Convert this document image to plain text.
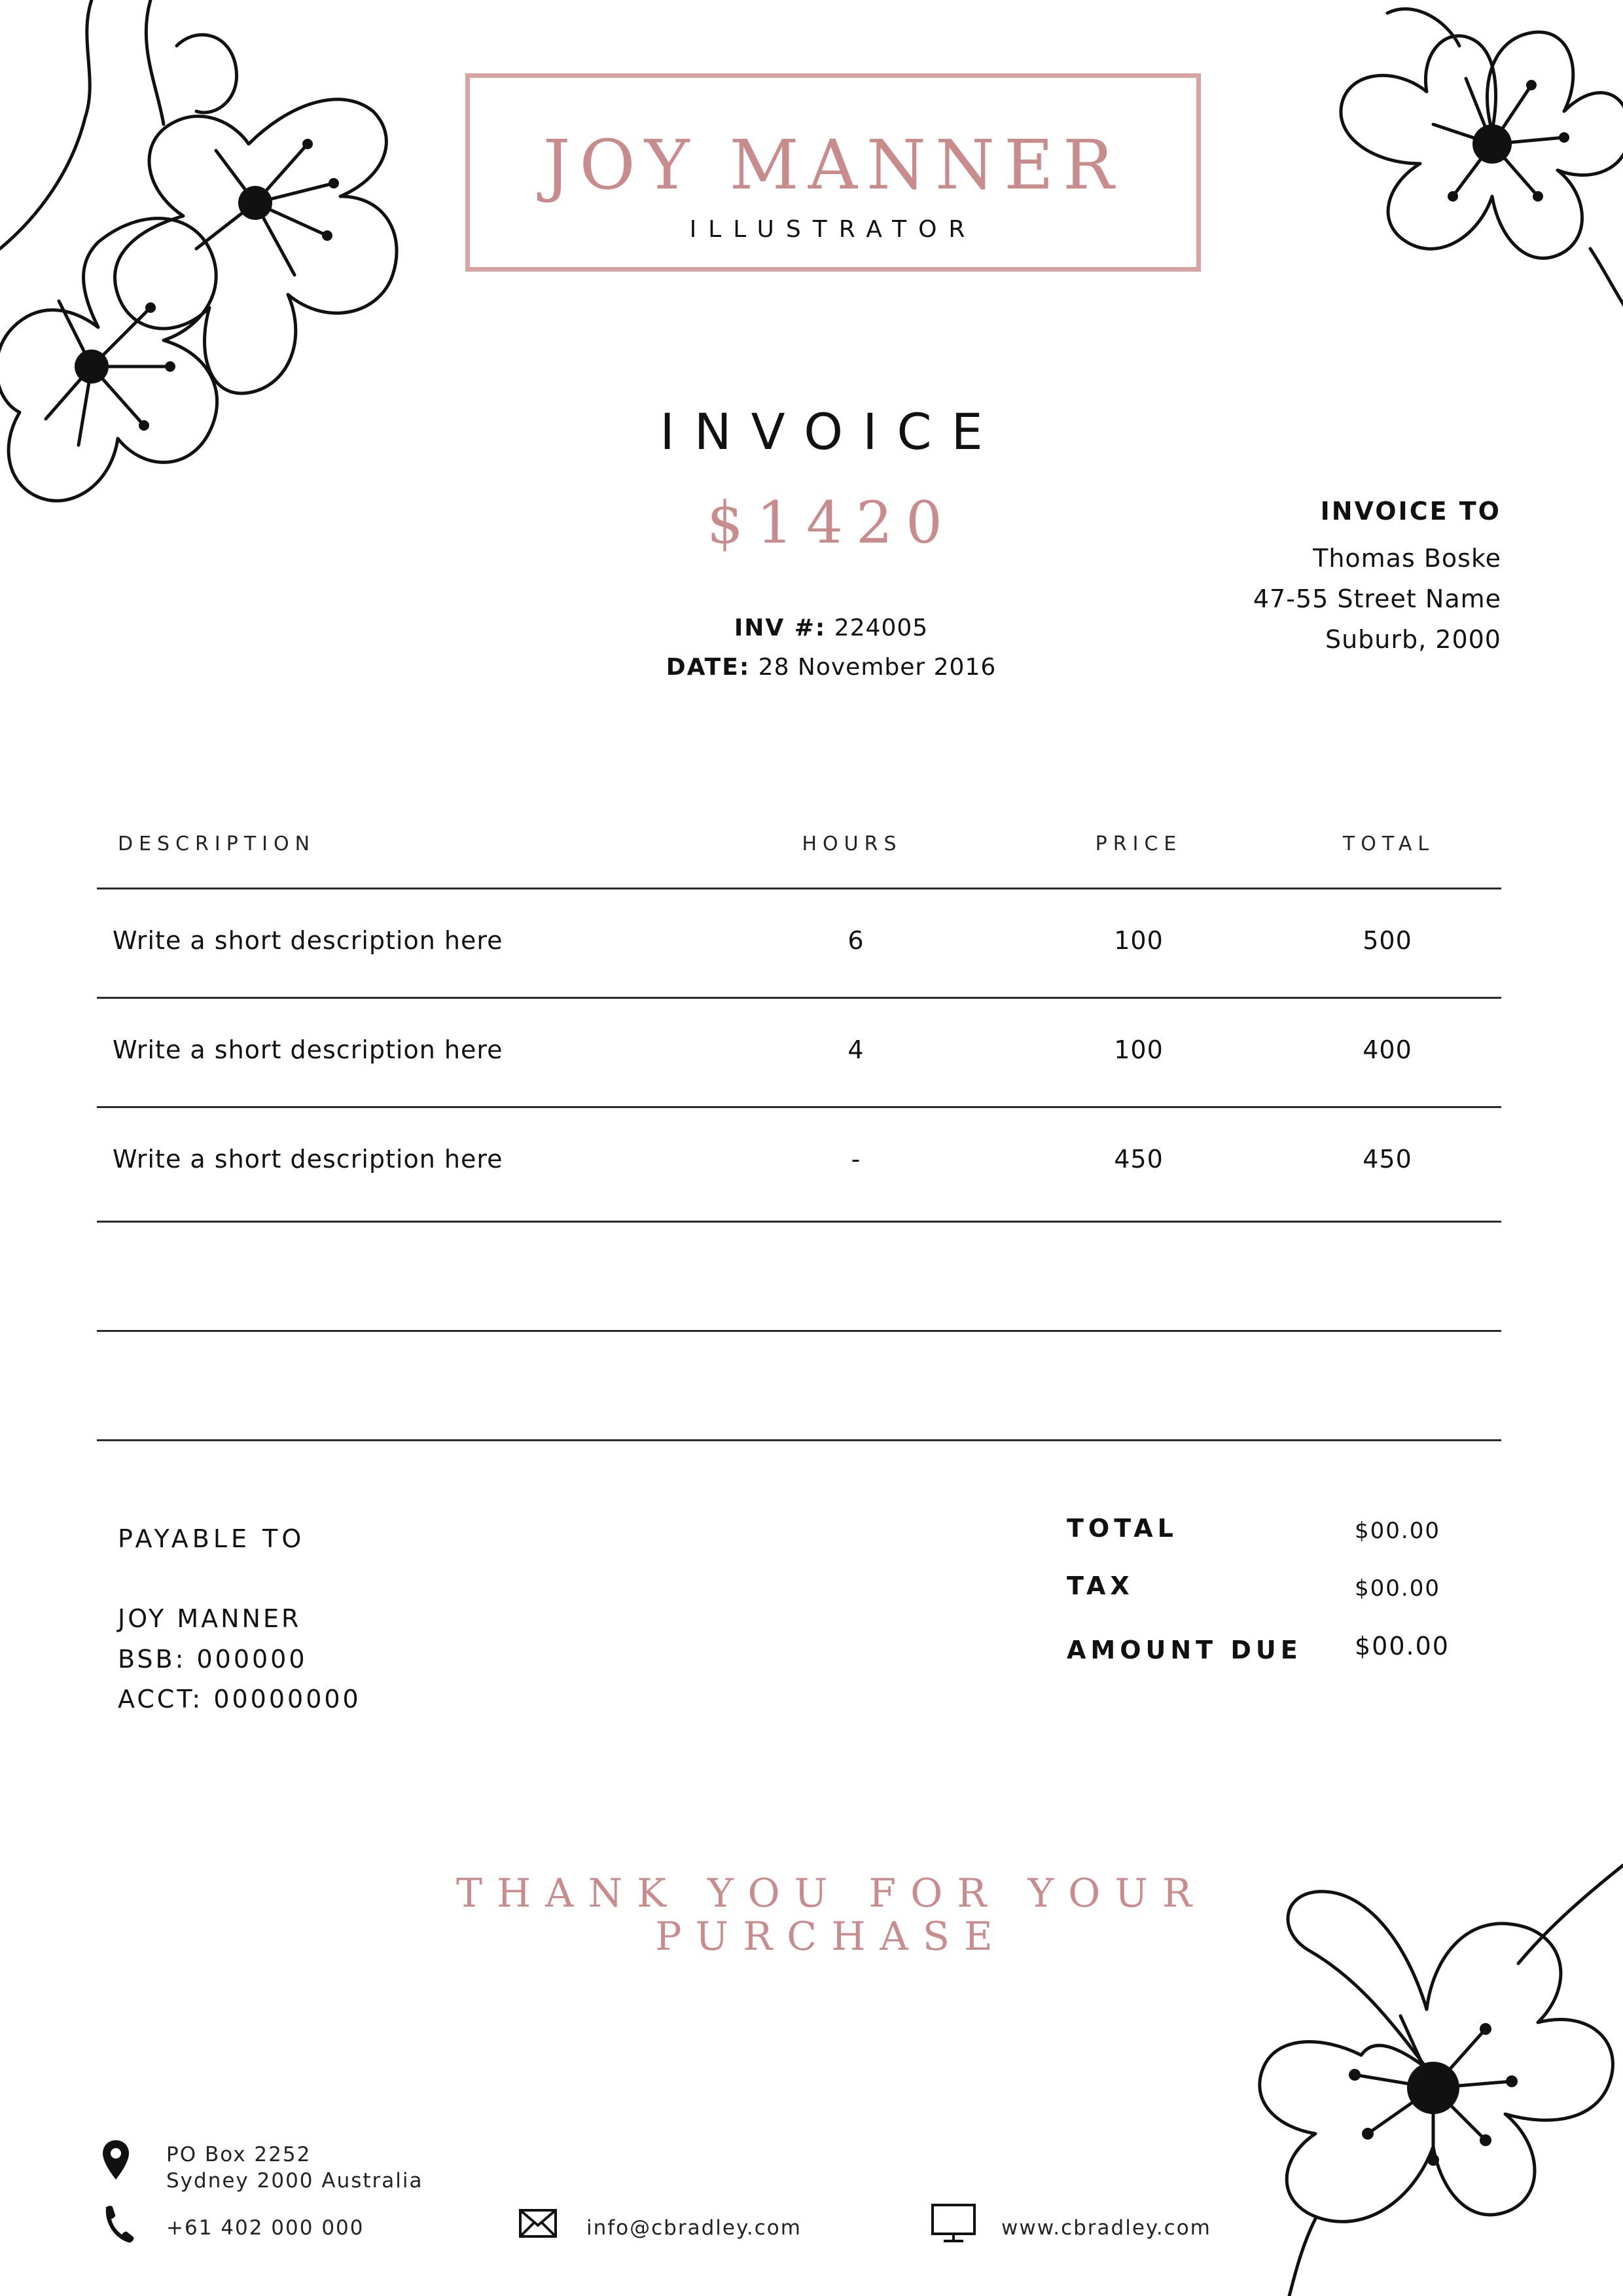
JOY MANNER
ILLUSTRATOR
INVOICE
$1420
INV #: 224005
DATE: 28 November 2016
INVOICE TO
Thomas Boske
47-55 Street Name
Suburb, 2000
DESCRIPTION	HOURS	PRICE	TOTAL
Write a short description here	6	100	500
Write a short description here	4	100	400
Write a short description here	-	450	450
PAYABLE TO
JOY MANNER
BSB: 000000
ACCT: 00000000
TOTAL	$00.00
TAX	$00.00
AMOUNT DUE $00.00
THANK YOU FOR YOUR
PURCHASE
PO Box 2252
Sydney 2000 Australia
+61 402 000 000	info@cbradley.com	www.cbradley.com
